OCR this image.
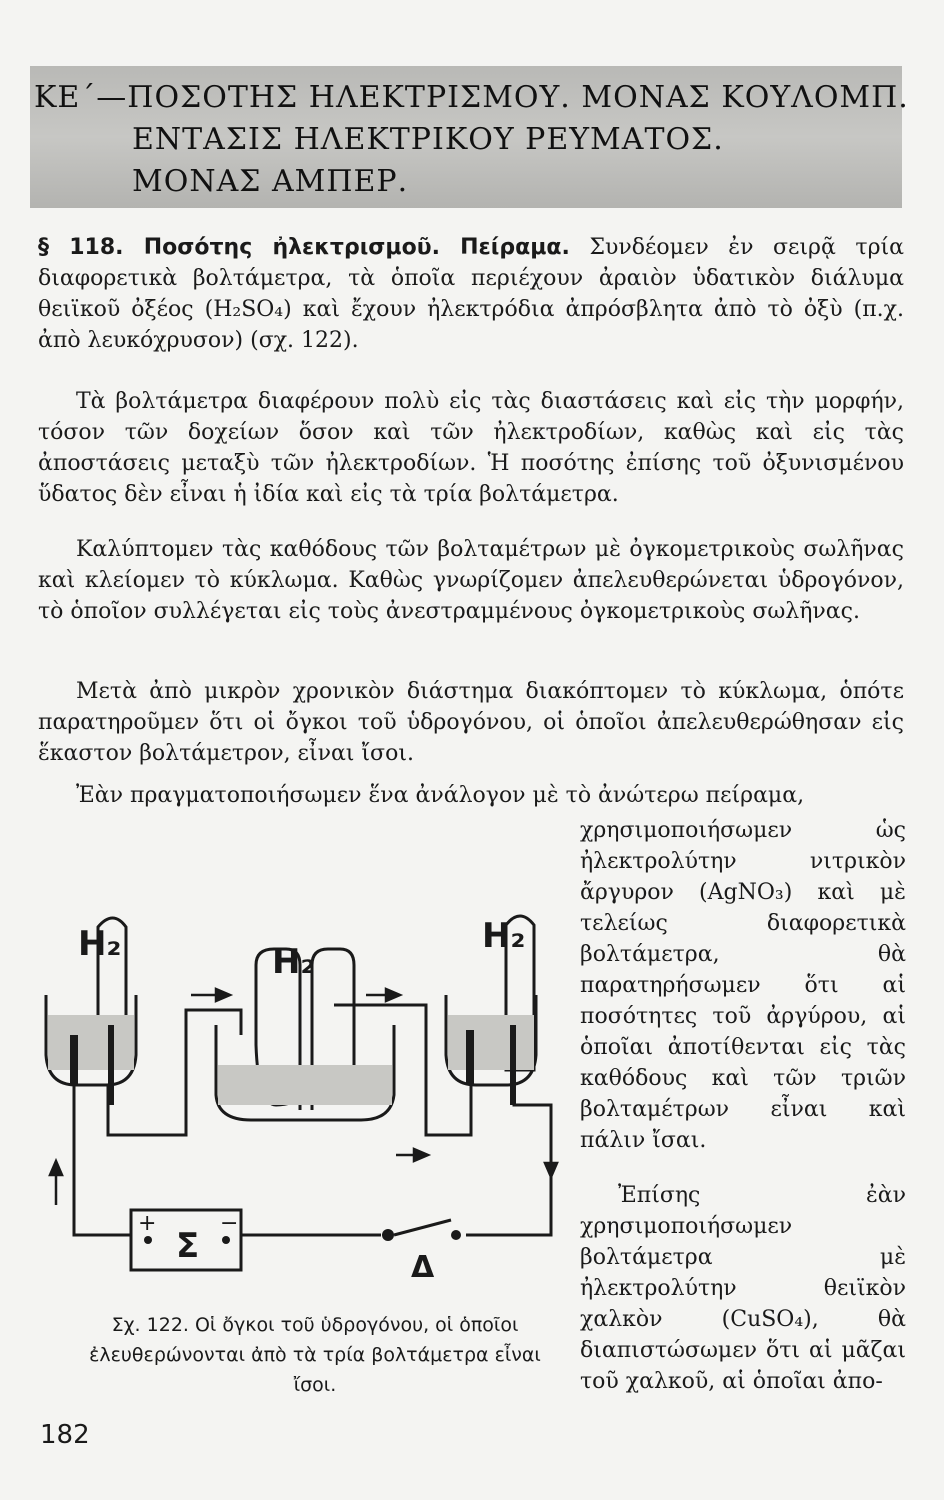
ΚΕ΄—ΠΟΣΟΤΗΣ ΗΛΕΚΤΡΙΣΜΟΥ. ΜΟΝΑΣ ΚΟΥΛΟΜΠ.
ΕΝΤΑΣΙΣ ΗΛΕΚΤΡΙΚΟΥ ΡΕΥΜΑΤΟΣ.
ΜΟΝΑΣ ΑΜΠΕΡ.

§ 118. Ποσότης ἠλεκτρισμοῦ. Πείραμα. Συνδέομεν ἐν σειρᾷ τρία διαφορετικὰ βολτάμετρα, τὰ ὁποῖα περιέχουν ἀραιὸν ὑδατικὸν διάλυμα θειϊκοῦ ὀξέος (H₂SO₄) καὶ ἔχουν ἠλεκτρόδια ἀπρόσβλητα ἀπὸ τὸ ὀξὺ (π.χ. ἀπὸ λευκόχρυσον) (σχ. 122).

Τὰ βολτάμετρα διαφέρουν πολὺ εἰς τὰς διαστάσεις καὶ εἰς τὴν μορφήν, τόσον τῶν δοχείων ὅσον καὶ τῶν ἠλεκτροδίων, καθὼς καὶ εἰς τὰς ἀποστάσεις μεταξὺ τῶν ἠλεκτροδίων. Ἡ ποσότης ἐπίσης τοῦ ὀξυνισμένου ὕδατος δὲν εἶναι ἡ ἰδία καὶ εἰς τὰ τρία βολτάμετρα.

Καλύπτομεν τὰς καθόδους τῶν βολταμέτρων μὲ ὀγκομετρικοὺς σωλῆνας καὶ κλείομεν τὸ κύκλωμα. Καθὼς γνωρίζομεν ἀπελευθερώνεται ὑδρογόνον, τὸ ὁποῖον συλλέγεται εἰς τοὺς ἀνεστραμμένους ὀγκομετρικοὺς σωλῆνας.

Μετὰ ἀπὸ μικρὸν χρονικὸν διάστημα διακόπτομεν τὸ κύκλωμα, ὁπότε παρατηροῦμεν ὅτι οἱ ὄγκοι τοῦ ὑδρογόνου, οἱ ὁποῖοι ἀπελευθερώθησαν εἰς ἕκαστον βολτάμετρον, εἶναι ἴσοι.

Ἐὰν πραγματοποιήσωμεν ἕνα ἀνάλογον μὲ τὸ ἀνώτερω πείραμα,

χρησιμοποιήσωμεν ὡς ἠλεκτρολύτην νιτρικὸν ἄργυρον (AgNO₃) καὶ μὲ τελείως διαφορετικὰ βολτάμετρα, θὰ παρατηρήσωμεν ὅτι αἱ ποσότητες τοῦ ἀργύρου, αἱ ὁποῖαι ἀποτίθενται εἰς τὰς καθόδους καὶ τῶν τριῶν βολταμέτρων εἶναι καὶ πάλιν ἴσαι.

Ἐπίσης ἐὰν χρησιμοποιήσωμεν βολτάμετρα μὲ ἠλεκτρολύτην θειϊκὸν χαλκὸν (CuSO₄), θὰ διαπιστώσωμεν ὅτι αἱ μᾶζαι τοῦ χαλκοῦ, αἱ ὁποῖαι ἀπο-

H₂	H₂
H₂
+	−
Σ
Δ
Σχ. 122. Οἱ ὄγκοι τοῦ ὑδρογόνου, οἱ ὁποῖοι ἐλευθερώνονται ἀπὸ τὰ τρία βολτάμετρα εἶναι ἴσοι.
182
